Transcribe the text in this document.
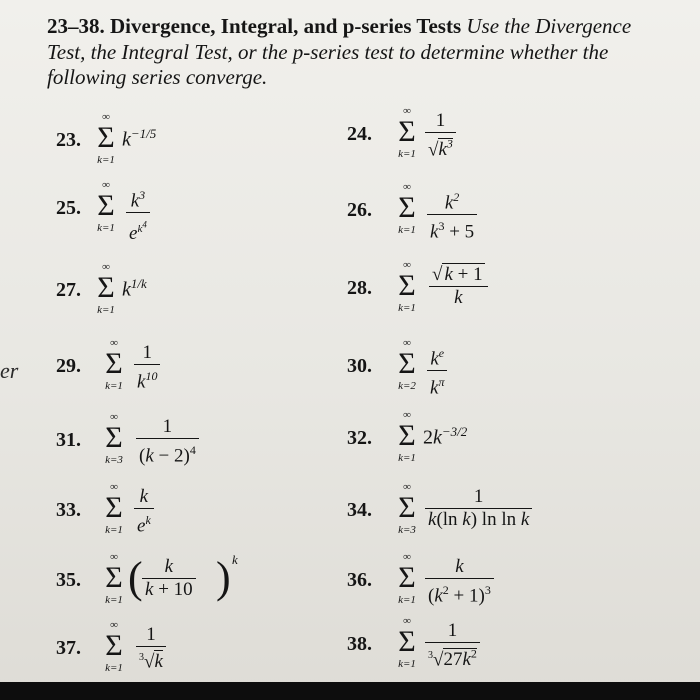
er
23–38. Divergence, Integral, and p-series Tests Use the Divergence Test, the Integral Test, or the p-series test to determine whether the following series converge.
23.
∞
Σ
k=1
$k^{-1/5}$
25.
∞
Σ
$k=1 \frac{k^3}{e^{k^4}}$
27.
∞
Σ
k=1
$k^{1/k}$
29.
∞
Σ
$k=1 \frac{1}{k^{10}}$
31.
∞
Σ
$k=3 \frac{1}{(k - 2)^4}$
33.
∞
Σ
$k=1 \frac{k}{e^k}$
35.
∞
Σ
k=1 ( $\frac{k}{k + 10}$ ) k
37.
∞
Σ
$k=1 \frac{1}{^3√k}$
24.
∞
Σ
$k=1 \frac{1}{√k^3}$
26.
∞
Σ
$k=1 \frac{k^2}{k^3 + 5}$
28.
∞
Σ
$k=1 \frac{√ k + 1}{k}$
30.
∞
Σ
$k=2 \frac{k^e}{k^\pi}$
32.
∞
Σ
k=1
$2k^{-3/2}$
34.
∞
Σ
$k=3 \frac{1}{\text{k(ln k) ln ln k}}$
36.
∞
Σ
$k=1 \frac{k}{(k^2 + 1)^3}$
38.
∞
Σ
$k=1 \frac{1}{^3√27k^2}$
